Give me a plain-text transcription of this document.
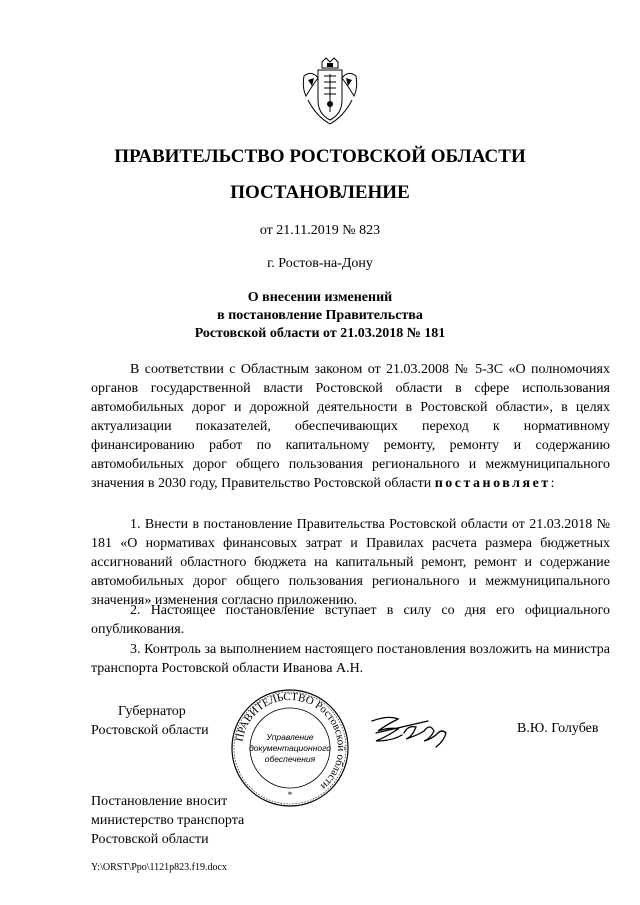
ПРАВИТЕЛЬСТВО РОСТОВСКОЙ ОБЛАСТИ
ПОСТАНОВЛЕНИЕ
от 21.11.2019 № 823
г. Ростов-на-Дону
О внесении изменений
в постановление Правительства
Ростовской области от 21.03.2018 № 181
В соответствии с Областным законом от 21.03.2008 № 5-ЗС «О полномочиях органов государственной власти Ростовской области в сфере использования автомобильных дорог и дорожной деятельности в Ростовской области», в целях актуализации показателей, обеспечивающих переход к нормативному финансированию работ по капитальному ремонту, ремонту и содержанию автомобильных дорог общего пользования регионального и межмуниципального значения в 2030 году, Правительство Ростовской области постановляет:
1. Внести в постановление Правительства Ростовской области от 21.03.2018 № 181 «О нормативах финансовых затрат и Правилах расчета размера бюджетных ассигнований областного бюджета на капитальный ремонт, ремонт и содержание автомобильных дорог общего пользования регионального и межмуниципального значения» изменения согласно приложению.
2. Настоящее постановление вступает в силу со дня его официального опубликования.
3. Контроль за выполнением настоящего постановления возложить на министра транспорта Ростовской области Иванова А.Н.
Губернатор
Ростовской области ПРАВИТЕЛЬСТВО Ростовской области
Управление
документационного
обеспечения
*
В.Ю. Голубев
Постановление вносит
министерство транспорта
Ростовской области
Y:\ORST\Ppo\1121p823.f19.docx
